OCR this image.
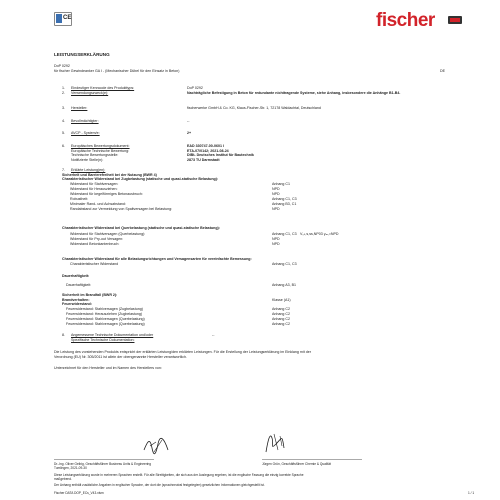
CE	fischer
LEISTUNGSERKLÄRUNG
DoP 0292
für fischer Gewindeanker GA I - (Mechanischer Dübel für den Einsatz in Beton)	DE
1. Eindeutiger Kenncode des Produkttyps:	DoP 0292
2. Verwendungszweck(e):	Nachträgliche Befestigung in Beton für redundante nichttragende Systeme, siehe Anhang, insbesondere die Anhänge B1-B4.
3. Hersteller:	fischerwerke GmbH & Co. KG, Klaus-Fischer-Str. 1, 72178 Waldachtal, Deutschland
4. Bevollmächtigter:	--
5. AVCP - System/e:	2+
6. Europäisches Bewertungsdokument:	EAD 330747-00-0601 I
Europäische Technische Bewertung:	ETA-07/0142; 2021-08-24
Technische Bewertungsstelle:	DIBt- Deutsches Institut für Bautechnik
Notifizierte Stelle(n):	2873 TU Darmstadt
7. Erklärte Leistung(en):
Sicherheit und Barrierefreiheit bei der Nutzung (BWR 4)
Charakteristischer Widerstand bei Zugbelastung (statische und quasi-statische Belastung):
Widerstand für Stahlversagen:	Anhang C1
Widerstand für Herausziehen:	NPD
Widerstand für kegelförmiges Betonausbruch:	NPD
Robustheit:	Anhang C1, C3
Minimaler Rand- und Achsabstand:	Anhang B3, C1
Randabstand zur Vermeidung von Spaltversagen bei Belastung:	NPD
Charakteristischer Widerstand bei Querbelastung (statische und quasi-statische Belastung):
Widerstand für Stahlversagen (Querbelastung):	Anhang C1, C3 V₀ₖ,s,ss,NP03 γₘ,=NPD
Widerstand für Pry-out Versagen:	NPD
Widerstand Betonkantenbruch:	NPD
Charakteristischer Widerstand für alle Belastungsrichtungen und Versagensarten für vereinfachte Bemessung:
Charakteristischer Widerstand	Anhang C1, C3
Dauerhaftigkeit:
Dauerhaftigkeit:	Anhang A3, B1
Sicherheit im Brandfall (BWR 2):
Brandverhalten:	Klasse (A1)
Feuerwiderstand:
Feuerwiderstand: Stahlversagen (Zugbelastung)	Anhang C2
Feuerwiderstand: Herausziehen (Zugbelastung)	Anhang C2
Feuerwiderstand: Stahlversagen (Querbelastung)	Anhang C2
Feuerwiderstand: Stahlversagen (Querbelastung)	Anhang C2
8. Angemessene Technische Dokumentation und/oder
Spezifische Technische Dokumentation:
--
Die Leistung des vorstehenden Produkts entspricht der erklärten Leistung/den erklärten Leistungen. Für die Erstellung der Leistungserklärung im Einklang mit der
Verordnung (EU) Nr. 305/2011 ist allein der obengenannte Hersteller verantwortlich.
Unterzeichnet für den Hersteller und im Namen des Herstellers von:
Dr.-Ing. Oliver Geibig, Geschäftsführer Business Units & Engineering
Tumlingen, 2021-09-30
Jürgen Grün, Geschäftsführer Chemie & Qualität
Diese Leistungserklärung wurde in mehreren Sprachen erstellt. Für alle Streitigkeiten, die sich aus der Auslegung ergeben, ist die englische Fassung die einzig korrekte Sprache
maßgebend.
Der Anhang enthält zusätzliche Angaben in englischer Sprache, der dort die (sprachneutral festgelegten) gesetzlichen Informationen gleichgestellt ist.
Fischer DATA DOP_ECs_V43.xlsm	1 / 1
